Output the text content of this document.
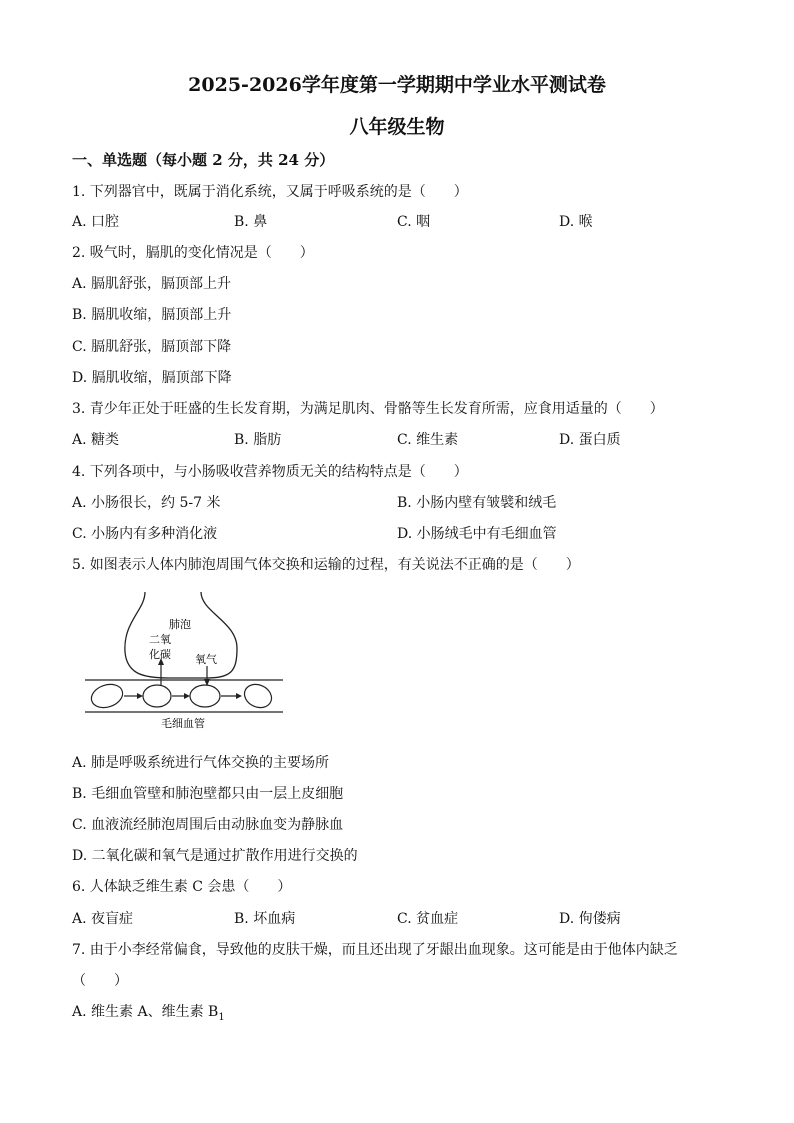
2025-2026学年度第一学期期中学业水平测试卷
八年级生物
一、单选题（每小题 2 分，共 24 分）
1. 下列器官中，既属于消化系统，又属于呼吸系统的是（　　）
A. 口腔	B. 鼻	C. 咽	D. 喉
2. 吸气时，膈肌的变化情况是（　　）
A. 膈肌舒张，膈顶部上升
B. 膈肌收缩，膈顶部上升
C. 膈肌舒张，膈顶部下降
D. 膈肌收缩，膈顶部下降
3. 青少年正处于旺盛的生长发育期，为满足肌肉、骨骼等生长发育所需，应食用适量的（　　）
A. 糖类	B. 脂肪	C. 维生素	D. 蛋白质
4. 下列各项中，与小肠吸收营养物质无关的结构特点是（　　）
A. 小肠很长，约 5-7 米	B. 小肠内壁有皱襞和绒毛
C. 小肠内有多种消化液	D. 小肠绒毛中有毛细血管
5. 如图表示人体内肺泡周围气体交换和运输的过程，有关说法不正确的是（　　）
肺泡
二氧
化碳 氧气
毛细血管
A. 肺是呼吸系统进行气体交换的主要场所
B. 毛细血管壁和肺泡壁都只由一层上皮细胞
C. 血液流经肺泡周围后由动脉血变为静脉血
D. 二氧化碳和氧气是通过扩散作用进行交换的
6. 人体缺乏维生素 C 会患（　　）
A. 夜盲症	B. 坏血病	C. 贫血症	D. 佝偻病
7. 由于小李经常偏食，导致他的皮肤干燥，而且还出现了牙龈出血现象。这可能是由于他体内缺乏
（　　）
A. 维生素 A、维生素 $B_1$
